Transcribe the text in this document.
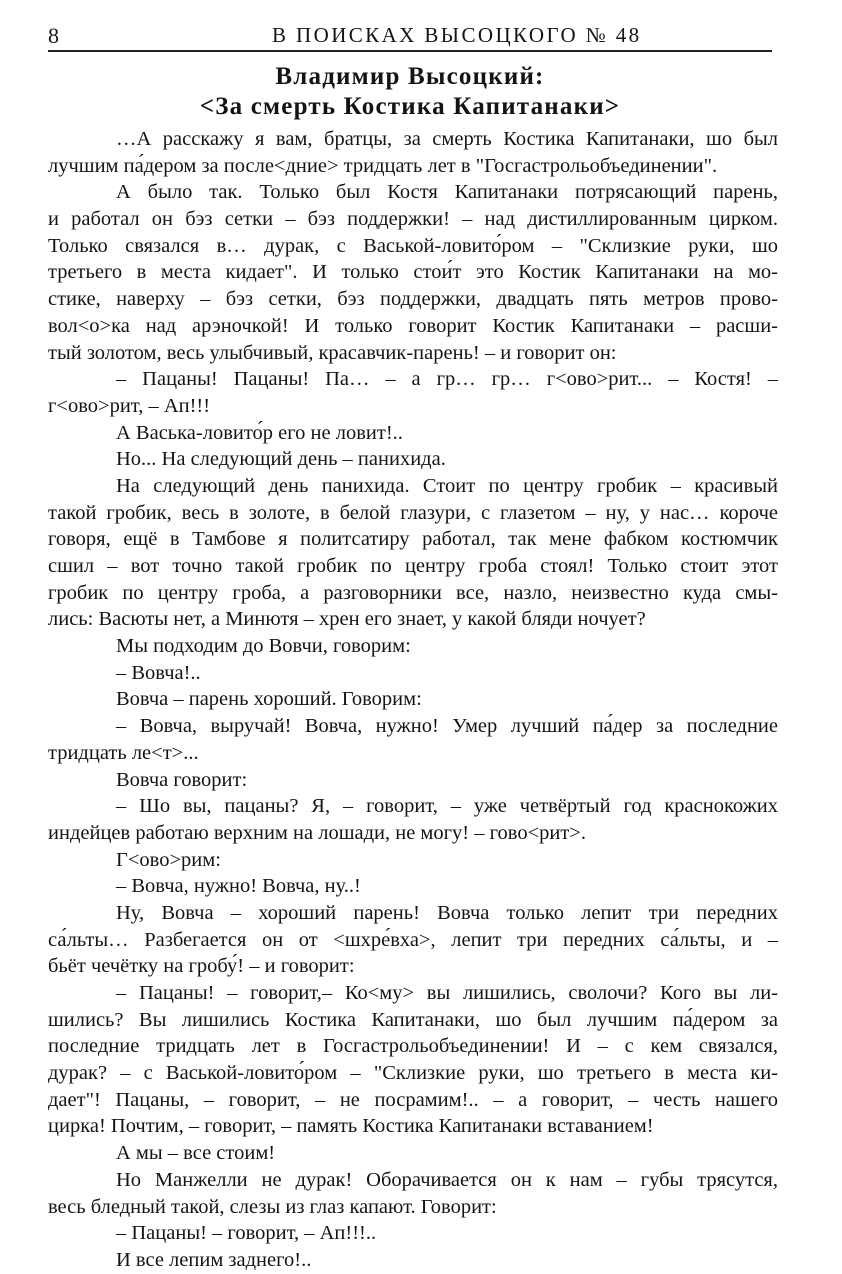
8	В ПОИСКАХ ВЫСОЦКОГО № 48
Владимир Высоцкий:
<За смерть Костика Капитанаки>
…А расскажу я вам, братцы, за смерть Костика Капитанаки, шо был
лучшим па́дером за после<дние> тридцать лет в "Госгастрольобъединении".
А было так. Только был Костя Капитанаки потрясающий парень,
и работал он бэз сетки – бэз поддержки! – над дистиллированным цирком.
Только связался в… дурак, с Васькой-ловито́ром – "Склизкие руки, шо
третьего в места кидает". И только стои́т это Костик Капитанаки на мо-
стике, наверху – бэз сетки, бэз поддержки, двадцать пять метров прово-
вол<о>ка над арэночкой! И только говорит Костик Капитанаки – расши-
тый золотом, весь улыбчивый, красавчик-парень! – и говорит он:
– Пацаны! Пацаны! Па… – а гр… гр… г<ово>рит... – Костя! –
г<ово>рит, – Ап!!!
А Васька-ловито́р его не ловит!..
Но... На следующий день – панихида.
На следующий день панихида. Стоит по центру гробик – красивый
такой гробик, весь в золоте, в белой глазури, с глазетом – ну, у нас… короче
говоря, ещё в Тамбове я политсатиру работал, так мене фабком костюмчик
сшил – вот точно такой гробик по центру гроба стоял! Только стоит этот
гробик по центру гроба, а разговорники все, назло, неизвестно куда смы-
лись: Васюты нет, а Минютя – хрен его знает, у какой бляди ночует?
Мы подходим до Вовчи, говорим:
– Вовча!..
Вовча – парень хороший. Говорим:
– Вовча, выручай! Вовча, нужно! Умер лучший па́дер за последние
тридцать ле<т>...
Вовча говорит:
– Шо вы, пацаны? Я, – говорит, – уже четвёртый год краснокожих
индейцев работаю верхним на лошади, не могу! – гово<рит>.
Г<ово>рим:
– Вовча, нужно! Вовча, ну..!
Ну, Вовча – хороший парень! Вовча только лепит три передних
са́льты… Разбегается он от <шхре́вха>, лепит три передних са́льты, и –
бьёт чечётку на гробу́! – и говорит:
– Пацаны! – говорит,– Ко<му> вы лишились, сволочи? Кого вы ли-
шились? Вы лишились Костика Капитанаки, шо был лучшим па́дером за
последние тридцать лет в Госгастрольобъединении! И – с кем связался,
дурак? – с Васькой-ловито́ром – "Склизкие руки, шо третьего в места ки-
дает"! Пацаны, – говорит, – не посрамим!.. – а говорит, – честь нашего
цирка! Почтим, – говорит, – память Костика Капитанаки вставанием!
А мы – все стоим!
Но Манжелли не дурак! Оборачивается он к нам – губы трясутся,
весь бледный такой, слезы из глаз капают. Говорит:
– Пацаны! – говорит, – Ап!!!..
И все лепим заднего!..
